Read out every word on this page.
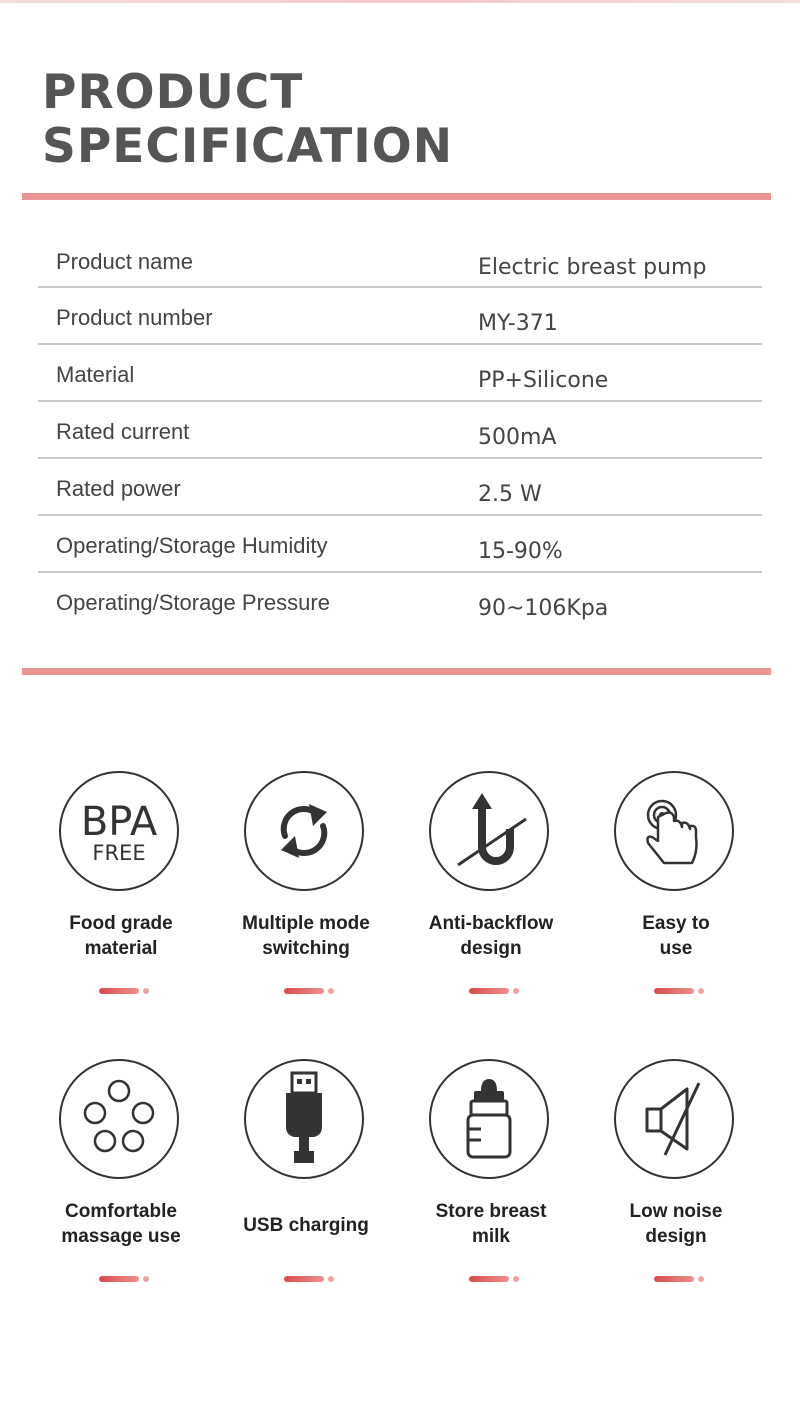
PRODUCT
SPECIFICATION
Product name	Electric breast pump
Product number	MY-371
Material	PP+Silicone
Rated current	500mA
Rated power	2.5 W
Operating/Storage Humidity	15-90%
Operating/Storage Pressure	90~106Kpa
BPA
FREE
Food grade
material
Multiple mode
switching
Anti-backflow
design
Easy to
use
Comfortable
massage use
USB charging
Store breast
milk
Low noise
design
